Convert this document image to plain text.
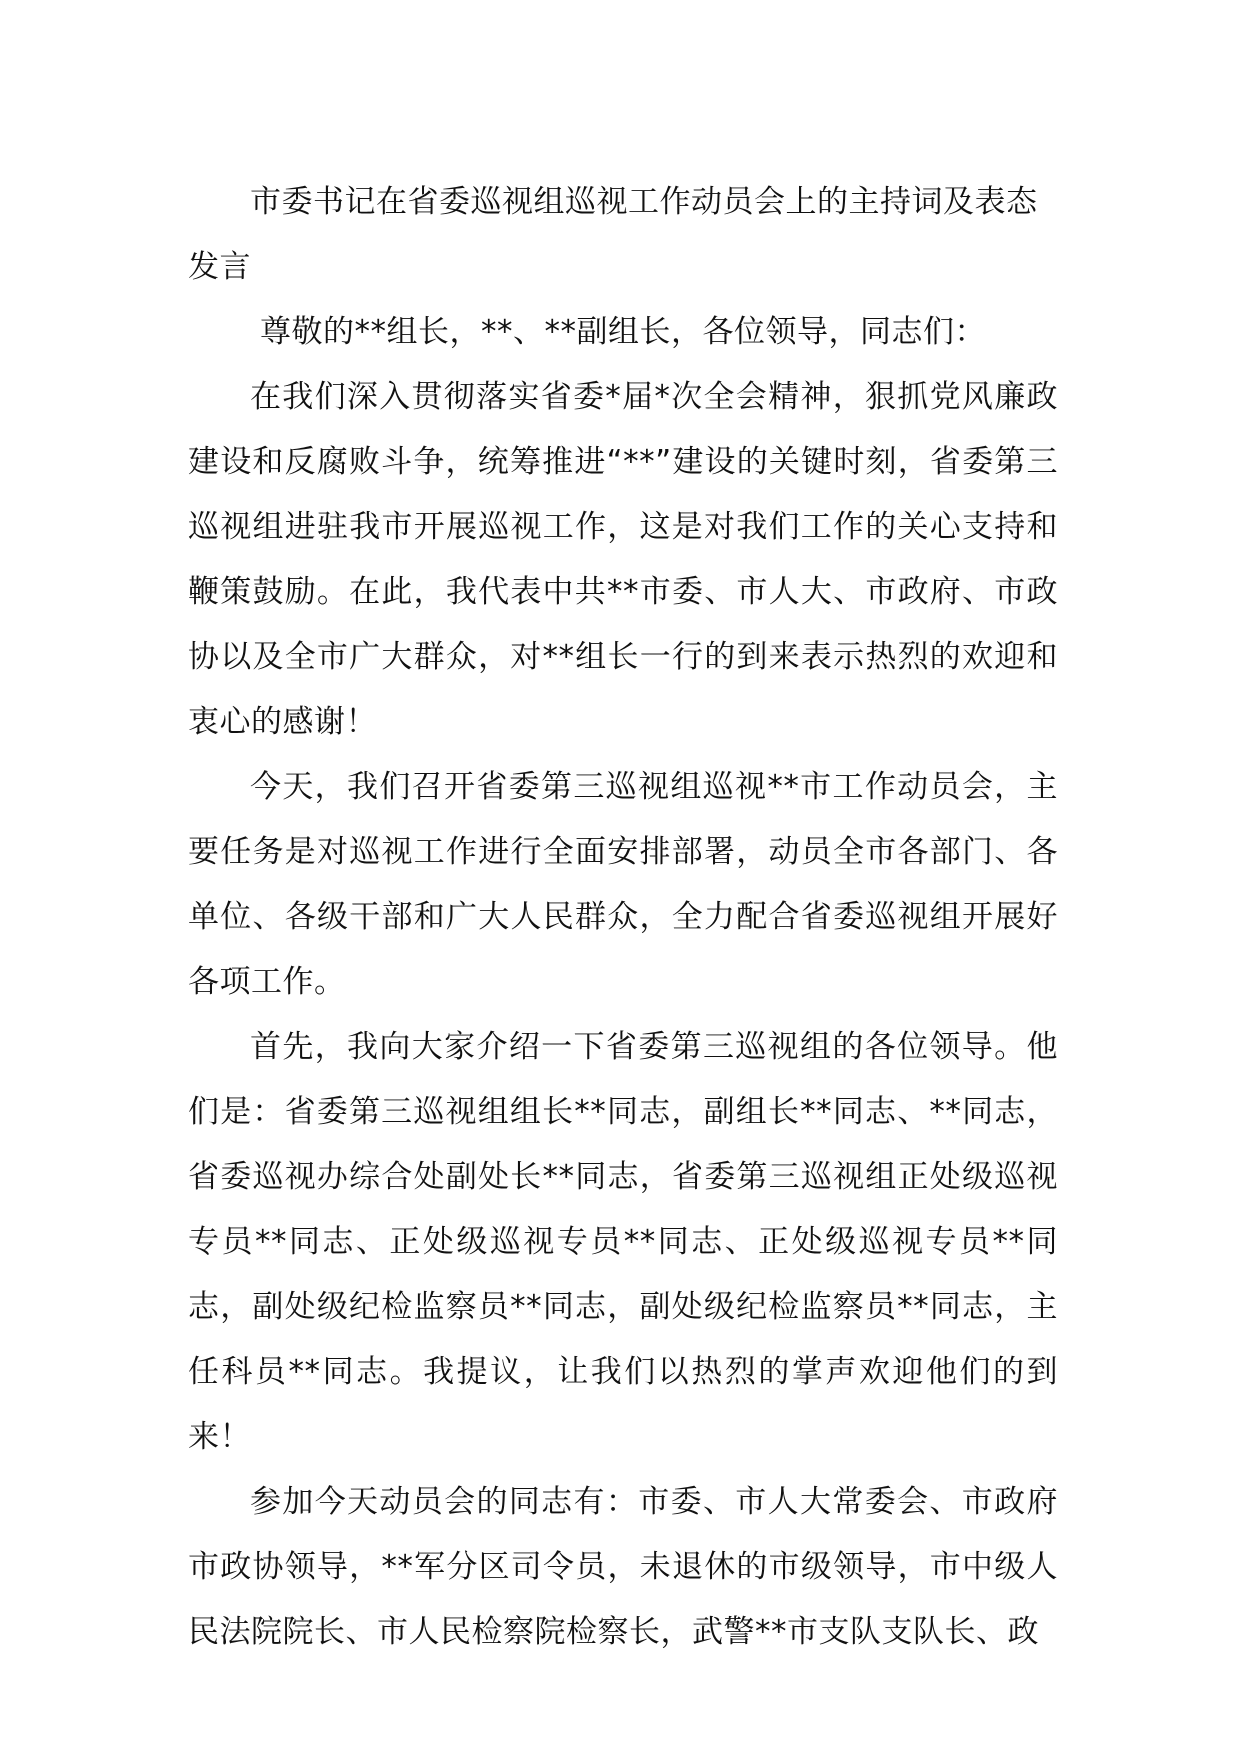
市委书记在省委巡视组巡视工作动员会上的主持词及表态发言

尊敬的**组长，**、**副组长，各位领导，同志们：

在我们深入贯彻落实省委*届*次全会精神，狠抓党风廉政建设和反腐败斗争，统筹推进“**”建设的关键时刻，省委第三巡视组进驻我市开展巡视工作，这是对我们工作的关心支持和鞭策鼓励。在此，我代表中共**市委、市人大、市政府、市政协以及全市广大群众，对**组长一行的到来表示热烈的欢迎和衷心的感谢！

今天，我们召开省委第三巡视组巡视**市工作动员会，主要任务是对巡视工作进行全面安排部署，动员全市各部门、各单位、各级干部和广大人民群众，全力配合省委巡视组开展好各项工作。

首先，我向大家介绍一下省委第三巡视组的各位领导。他们是：省委第三巡视组组长**同志，副组长**同志、**同志，省委巡视办综合处副处长**同志，省委第三巡视组正处级巡视专员**同志、正处级巡视专员**同志、正处级巡视专员**同志，副处级纪检监察员**同志，副处级纪检监察员**同志，主任科员**同志。我提议，让我们以热烈的掌声欢迎他们的到来！

参加今天动员会的同志有：市委、市人大常委会、市政府市政协领导，**军分区司令员，未退休的市级领导，市中级人民法院院长、市人民检察院检察长，武警**市支队支队长、政
